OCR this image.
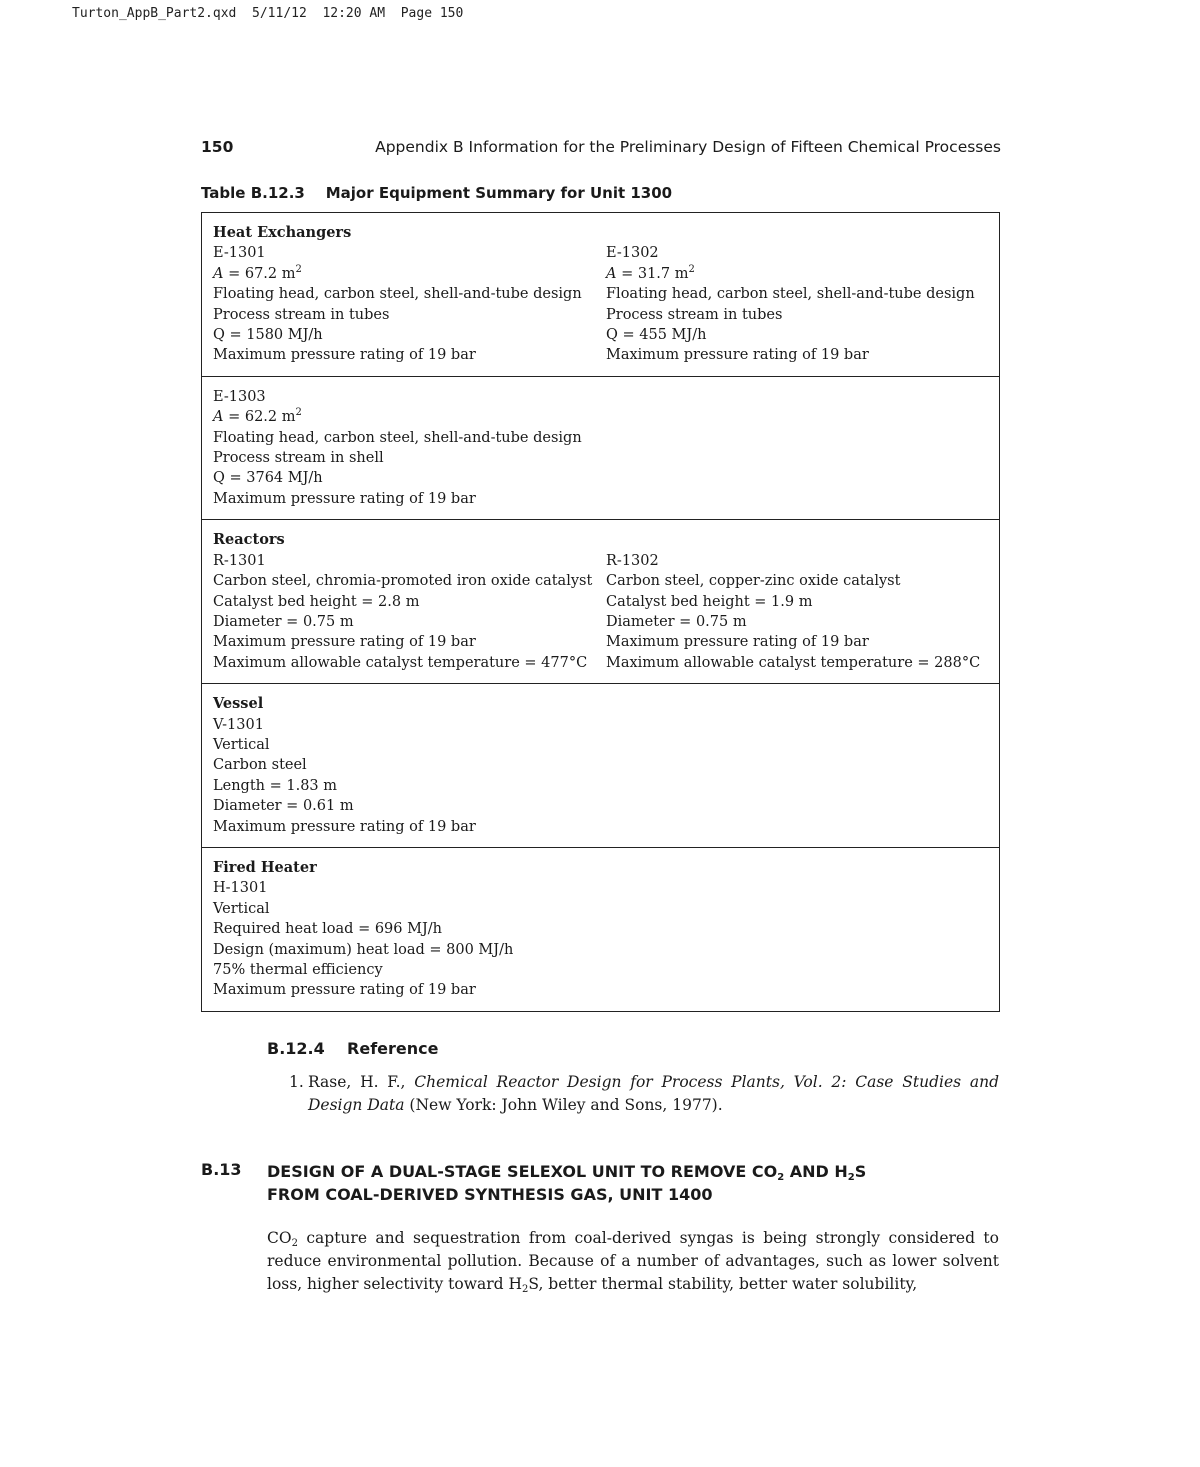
Turton_AppB_Part2.qxd  5/11/12  12:20 AM  Page 150
150	Appendix B Information for the Preliminary Design of Fifteen Chemical Processes
Table B.12.3    Major Equipment Summary for Unit 1300
Heat Exchangers
E-1301
A = 67.2 $m^2$
Floating head, carbon steel, shell-and-tube design
Process stream in tubes
Q = 1580 MJ/h
Maximum pressure rating of 19 bar
E-1302
A = 31.7 $m^2$
Floating head, carbon steel, shell-and-tube design
Process stream in tubes
Q = 455 MJ/h
Maximum pressure rating of 19 bar
E-1303
A = 62.2 $m^2$
Floating head, carbon steel, shell-and-tube design
Process stream in shell
Q = 3764 MJ/h
Maximum pressure rating of 19 bar
Reactors
R-1301
Carbon steel, chromia-promoted iron oxide catalyst
Catalyst bed height = 2.8 m
Diameter = 0.75 m
Maximum pressure rating of 19 bar
Maximum allowable catalyst temperature = 477°C
R-1302
Carbon steel, copper-zinc oxide catalyst
Catalyst bed height = 1.9 m
Diameter = 0.75 m
Maximum pressure rating of 19 bar
Maximum allowable catalyst temperature = 288°C
Vessel
V-1301
Vertical
Carbon steel
Length = 1.83 m
Diameter = 0.61 m
Maximum pressure rating of 19 bar
Fired Heater
H-1301
Vertical
Required heat load = 696 MJ/h
Design (maximum) heat load = 800 MJ/h
75% thermal efficiency
Maximum pressure rating of 19 bar
B.12.4    Reference
1. Rase, H. F., Chemical Reactor Design for Process Plants, Vol. 2: Case Studies and Design Data (New York: John Wiley and Sons, 1977).
B.13 DESIGN OF A DUAL-STAGE SELEXOL UNIT TO REMOVE $CO_2$ AND $H_2S$
FROM COAL-DERIVED SYNTHESIS GAS, UNIT 1400
$CO_2$ capture and sequestration from coal-derived syngas is being strongly considered to reduce environmental pollution. Because of a number of advantages, such as lower solvent loss, higher selectivity toward $H_2S$, better thermal stability, better water solubility,
